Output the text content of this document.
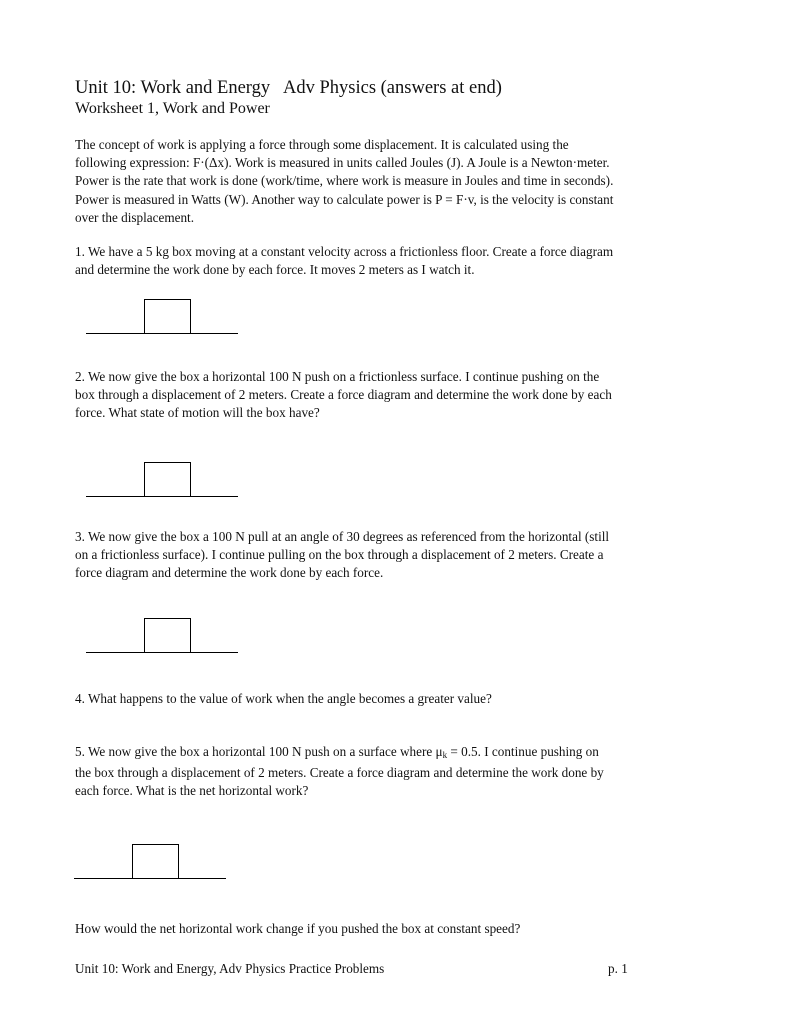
Unit 10: Work and Energy   Adv Physics (answers at end)
Worksheet 1, Work and Power
The concept of work is applying a force through some displacement. It is calculated using the
following expression: F·(Δx). Work is measured in units called Joules (J). A Joule is a Newton·meter.
Power is the rate that work is done (work/time, where work is measure in Joules and time in seconds).
Power is measured in Watts (W). Another way to calculate power is P = F·v, is the velocity is constant
over the displacement.
1. We have a 5 kg box moving at a constant velocity across a frictionless floor. Create a force diagram
and determine the work done by each force. It moves 2 meters as I watch it.
2. We now give the box a horizontal 100 N push on a frictionless surface. I continue pushing on the
box through a displacement of 2 meters. Create a force diagram and determine the work done by each
force. What state of motion will the box have?
3. We now give the box a 100 N pull at an angle of 30 degrees as referenced from the horizontal (still
on a frictionless surface). I continue pulling on the box through a displacement of 2 meters. Create a
force diagram and determine the work done by each force.
4. What happens to the value of work when the angle becomes a greater value?
5. We now give the box a horizontal 100 N push on a surface where $\mu_k = 0.5$. I continue pushing on
the box through a displacement of 2 meters. Create a force diagram and determine the work done by
each force. What is the net horizontal work?
How would the net horizontal work change if you pushed the box at constant speed?
Unit 10: Work and Energy, Adv Physics Practice Problems	p. 1
